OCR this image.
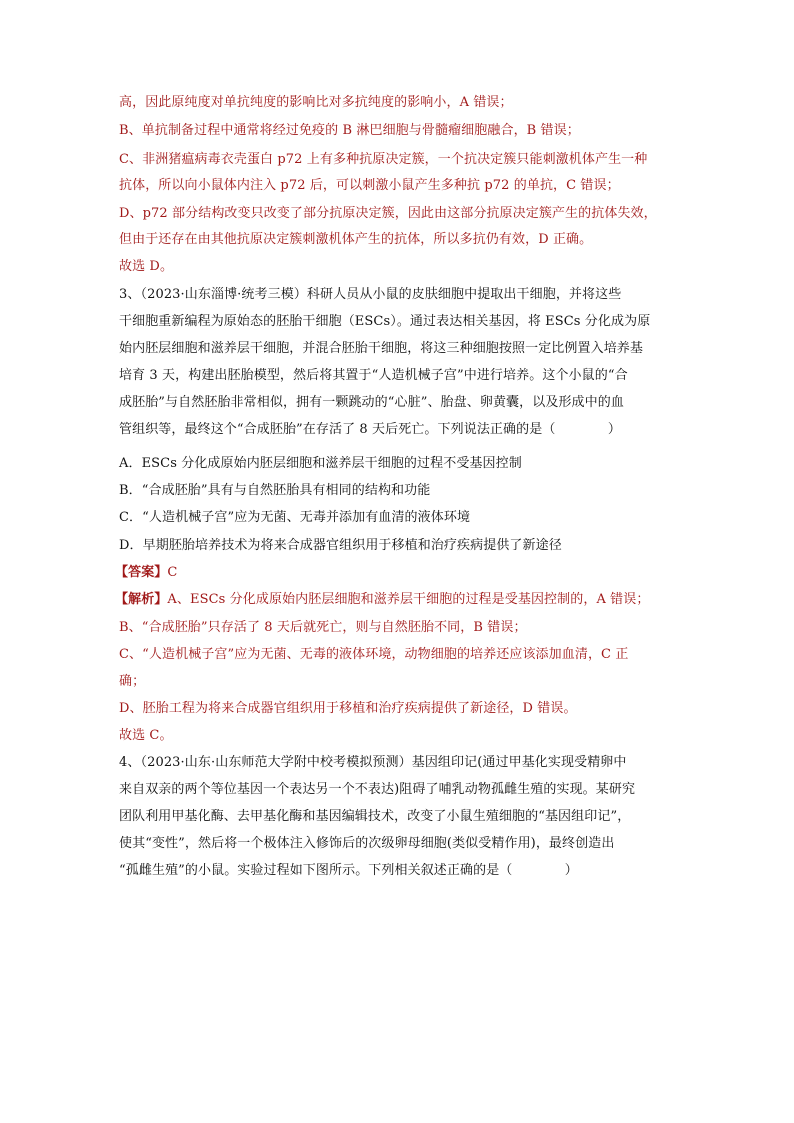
高，因此原纯度对单抗纯度的影响比对多抗纯度的影响小，A 错误；
B、单抗制备过程中通常将经过免疫的 B 淋巴细胞与骨髓瘤细胞融合，B 错误；
C、非洲猪瘟病毒衣壳蛋白 p72 上有多种抗原决定簇，一个抗决定簇只能刺激机体产生一种
抗体，所以向小鼠体内注入 p72 后，可以刺激小鼠产生多种抗 p72 的单抗，C 错误；
D、p72 部分结构改变只改变了部分抗原决定簇，因此由这部分抗原决定簇产生的抗体失效，
但由于还存在由其他抗原决定簇刺激机体产生的抗体，所以多抗仍有效，D 正确。
故选 D。
3、（2023·山东淄博·统考三模）科研人员从小鼠的皮肤细胞中提取出干细胞，并将这些
干细胞重新编程为原始态的胚胎干细胞（ESCs）。通过表达相关基因，将 ESCs 分化成为原
始内胚层细胞和滋养层干细胞，并混合胚胎干细胞，将这三种细胞按照一定比例置入培养基
培育 3 天，构建出胚胎模型，然后将其置于“人造机械子宫”中进行培养。这个小鼠的“合
成胚胎”与自然胚胎非常相似，拥有一颗跳动的“心脏”、胎盘、卵黄囊，以及形成中的血
管组织等，最终这个“合成胚胎”在存活了 8 天后死亡。下列说法正确的是（　　　　）
A．ESCs 分化成原始内胚层细胞和滋养层干细胞的过程不受基因控制
B．“合成胚胎”具有与自然胚胎具有相同的结构和功能
C．“人造机械子宫”应为无菌、无毒并添加有血清的液体环境
D．早期胚胎培养技术为将来合成器官组织用于移植和治疗疾病提供了新途径
【答案】C
【解析】A、ESCs 分化成原始内胚层细胞和滋养层干细胞的过程是受基因控制的，A 错误；
B、“合成胚胎”只存活了 8 天后就死亡，则与自然胚胎不同，B 错误；
C、“人造机械子宫”应为无菌、无毒的液体环境，动物细胞的培养还应该添加血清，C 正
确；
D、胚胎工程为将来合成器官组织用于移植和治疗疾病提供了新途径，D 错误。
故选 C。
4、（2023·山东·山东师范大学附中校考模拟预测）基因组印记(通过甲基化实现受精卵中
来自双亲的两个等位基因一个表达另一个不表达)阻碍了哺乳动物孤雌生殖的实现。某研究
团队利用甲基化酶、去甲基化酶和基因编辑技术，改变了小鼠生殖细胞的“基因组印记”，
使其“变性”，然后将一个极体注入修饰后的次级卵母细胞(类似受精作用)，最终创造出
“孤雌生殖”的小鼠。实验过程如下图所示。下列相关叙述正确的是（　　　　）
